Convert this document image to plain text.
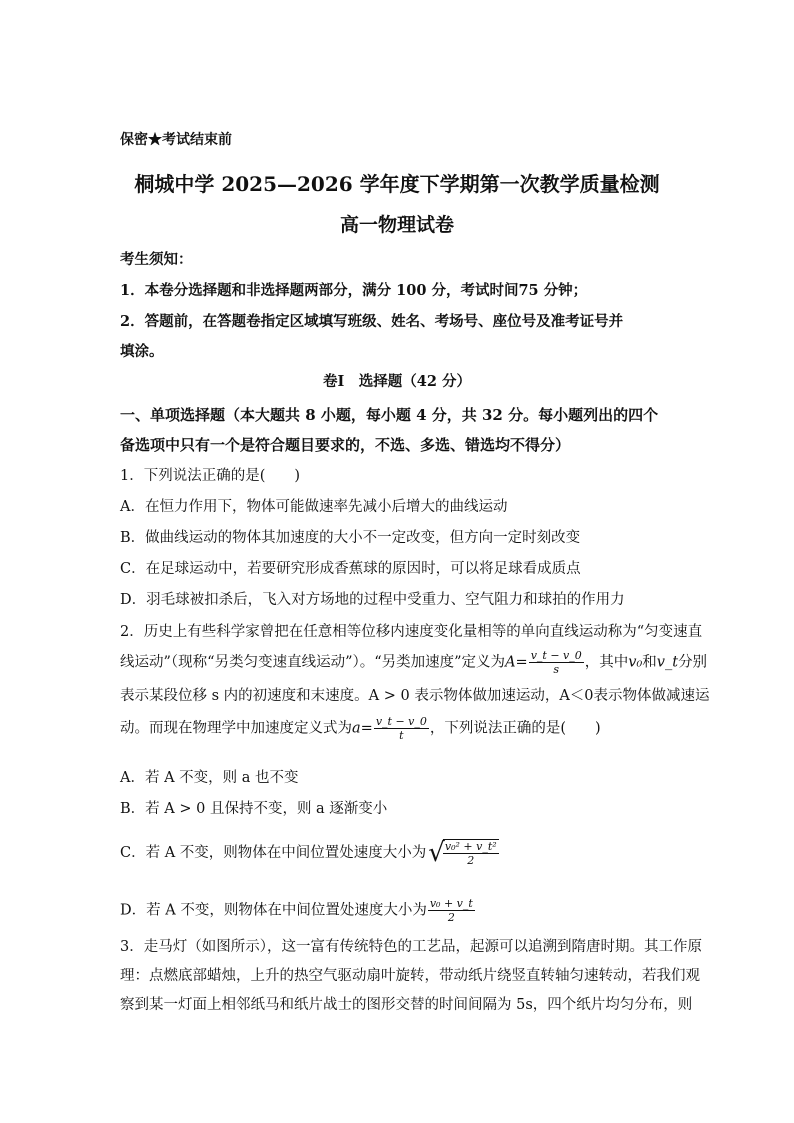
保密★考试结束前
桐城中学 2025—2026 学年度下学期第一次教学质量检测
高一物理试卷
考生须知：
1．本卷分选择题和非选择题两部分，满分 100 分，考试时间75 分钟；
2．答题前，在答题卷指定区域填写班级、姓名、考场号、座位号及准考证号并
填涂。
卷Ⅰ　选择题（42 分）
一、单项选择题（本大题共 8 小题，每小题 4 分，共 32 分。每小题列出的四个
备选项中只有一个是符合题目要求的，不选、多选、错选均不得分）
1．下列说法正确的是(　　)
A．在恒力作用下，物体可能做速率先减小后增大的曲线运动
B．做曲线运动的物体其加速度的大小不一定改变，但方向一定时刻改变
C．在足球运动中，若要研究形成香蕉球的原因时，可以将足球看成质点
D．羽毛球被扣杀后，飞入对方场地的过程中受重力、空气阻力和球拍的作用力
2．历史上有些科学家曾把在任意相等位移内速度变化量相等的单向直线运动称为“匀变速直
线运动”（现称“另类匀变速直线运动”）。“另类加速度”定义为$A= \frac{v\_t - v\_0}{s}$ ，其中v₀和v_t分别
表示某段位移 s 内的初速度和末速度。A > 0 表示物体做加速运动，A＜0表示物体做减速运
动。而现在物理学中加速度定义式为$a= \frac{v\_t - v\_0}{t}$ ，下列说法正确的是(　　)
A．若 A 不变，则 a 也不变
B．若 A > 0 且保持不变，则 a 逐渐变小
C．若 A 不变，则物体在中间位置处速度大小为√
$\frac{\text{v₀² + v\_t²}}{2}$
D．若 A 不变，则物体在中间位置处速度大小为 $\frac{\text{v₀ + v\_t}}{2}$
3．走马灯（如图所示），这一富有传统特色的工艺品，起源可以追溯到隋唐时期。其工作原
理：点燃底部蜡烛，上升的热空气驱动扇叶旋转，带动纸片绕竖直转轴匀速转动，若我们观
察到某一灯面上相邻纸马和纸片战士的图形交替的时间间隔为 5s，四个纸片均匀分布，则
